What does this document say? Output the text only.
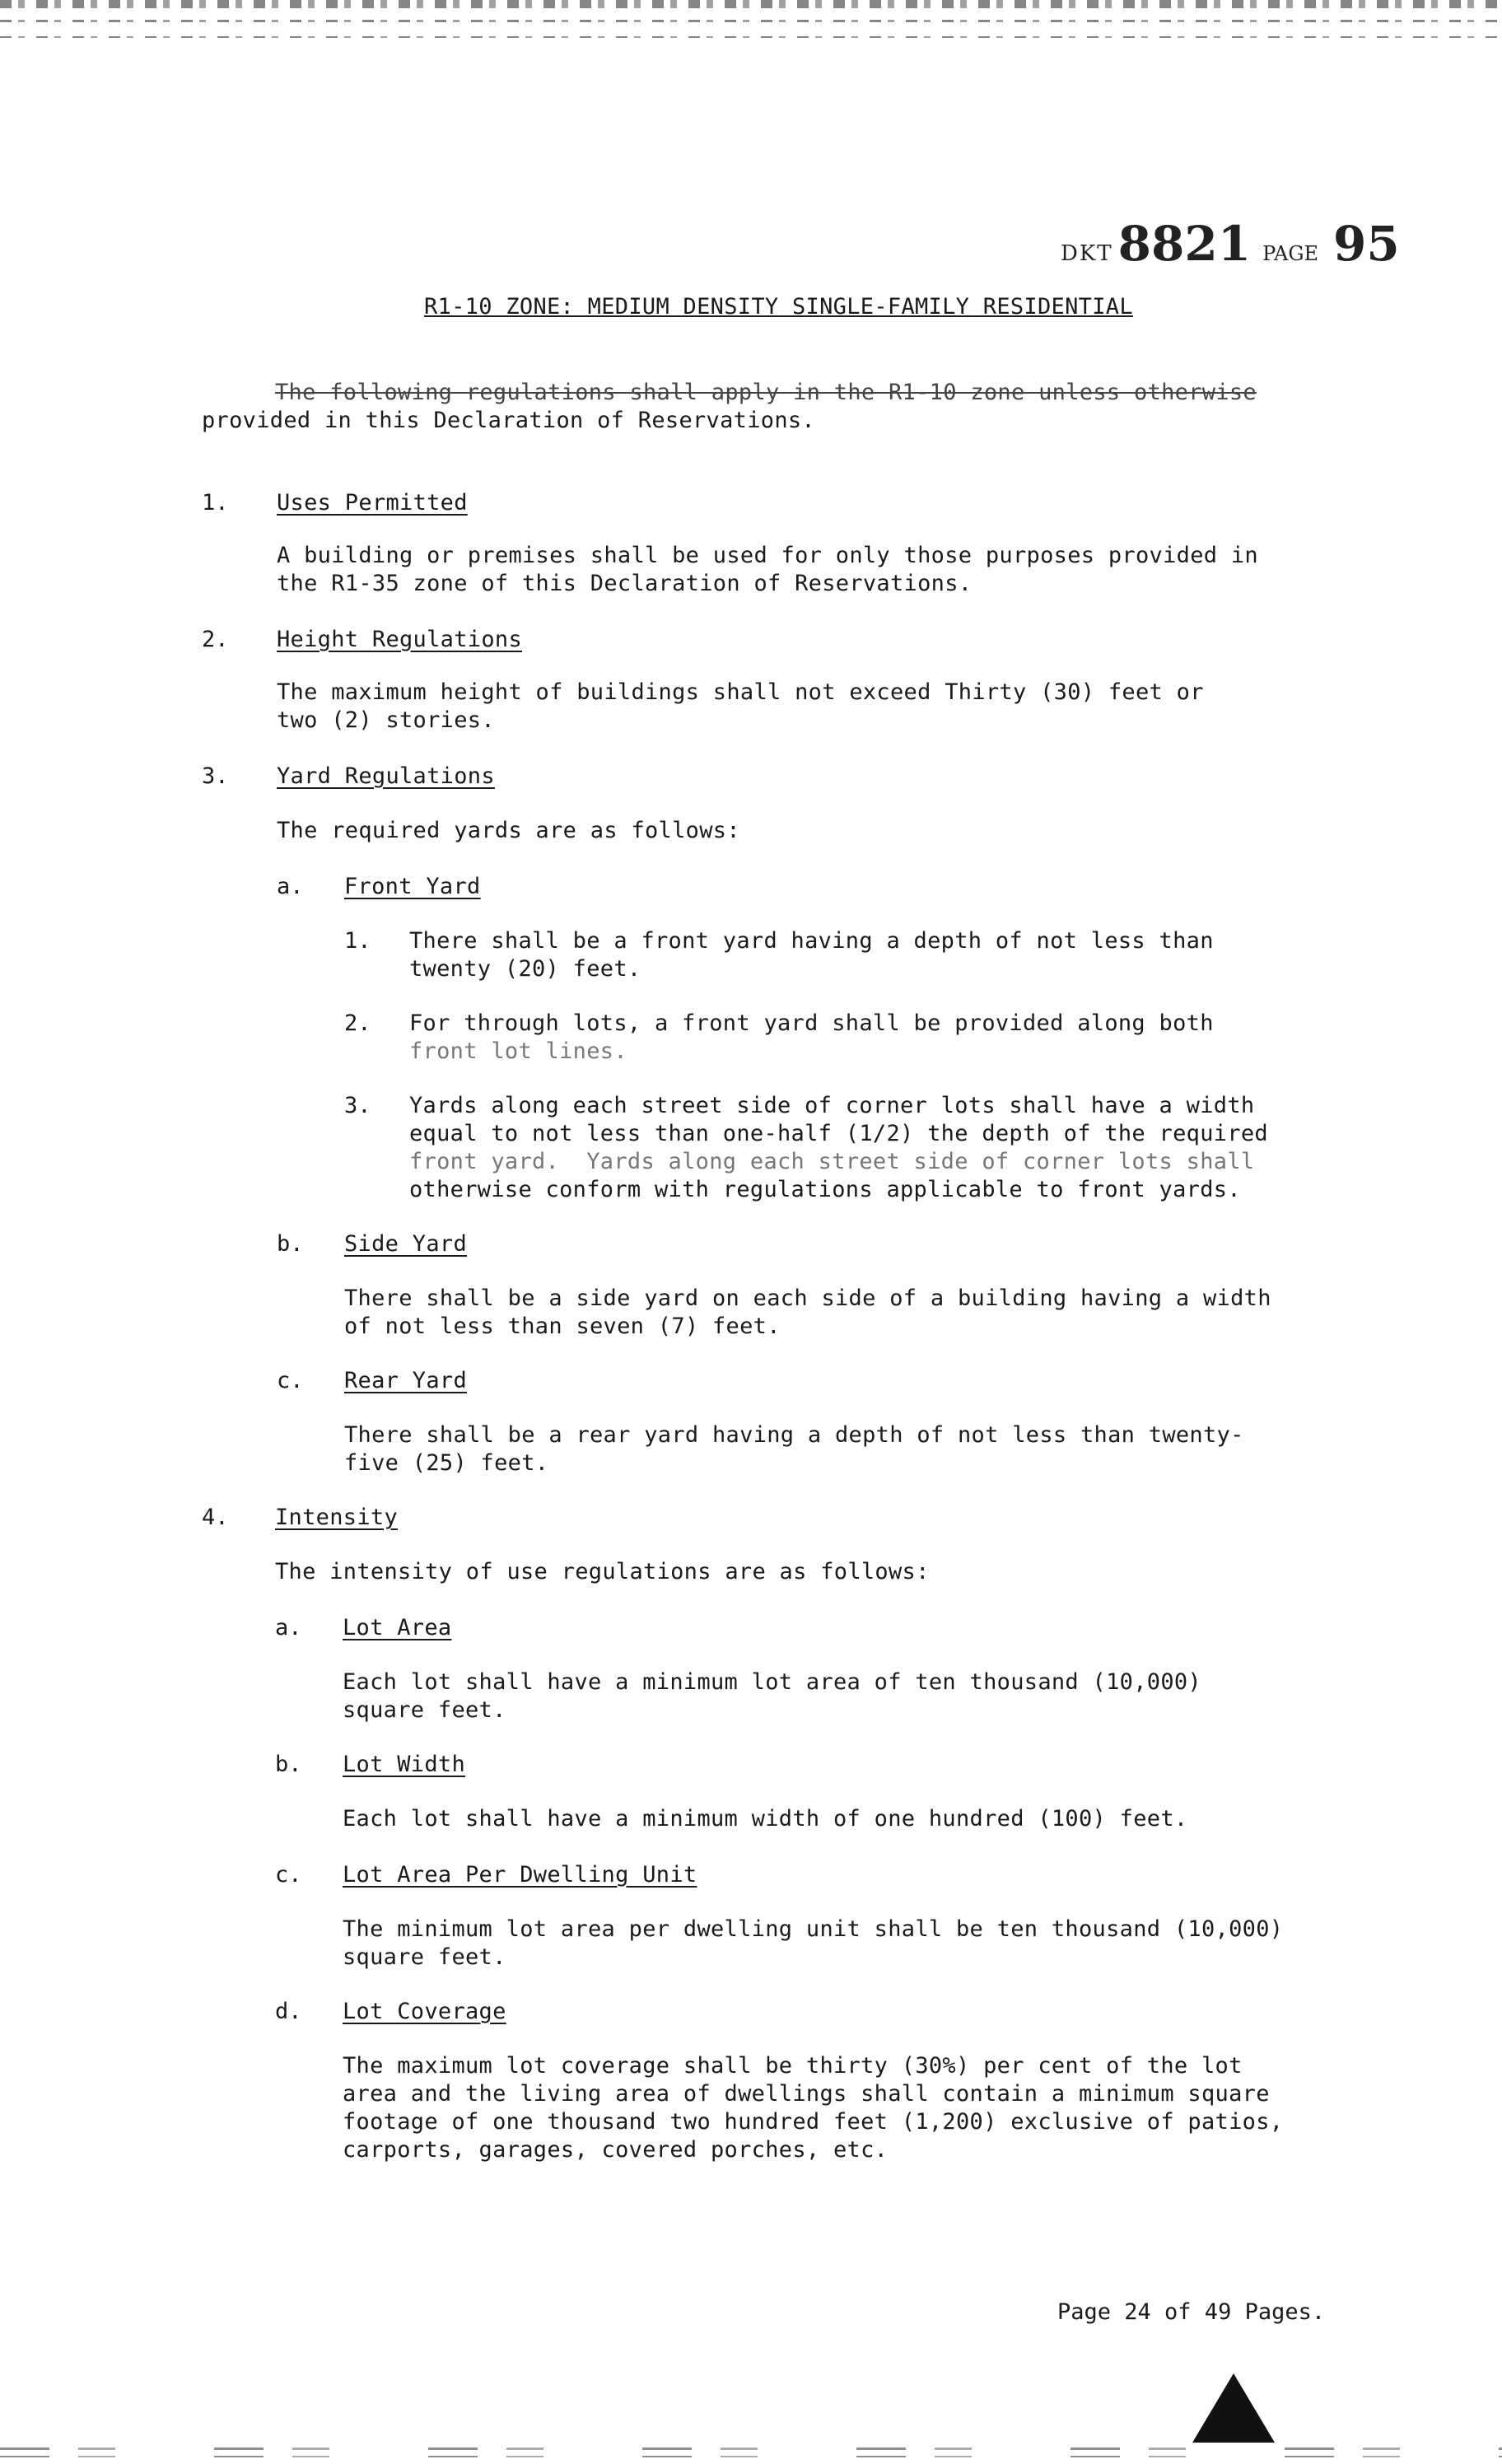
DKT 8821 PAGE 95
R1-10 ZONE: MEDIUM DENSITY SINGLE-FAMILY RESIDENTIAL
The following regulations shall apply in the R1-10 zone unless otherwise
provided in this Declaration of Reservations.
1. Uses Permitted
A building or premises shall be used for only those purposes provided in
the R1-35 zone of this Declaration of Reservations.
2. Height Regulations
The maximum height of buildings shall not exceed Thirty (30) feet or
two (2) stories.
3. Yard Regulations
The required yards are as follows:
a. Front Yard
1. There shall be a front yard having a depth of not less than
twenty (20) feet.
2. For through lots, a front yard shall be provided along both
front lot lines.
3. Yards along each street side of corner lots shall have a width
equal to not less than one-half (1/2) the depth of the required
front yard.  Yards along each street side of corner lots shall
otherwise conform with regulations applicable to front yards.
b. Side Yard
There shall be a side yard on each side of a building having a width
of not less than seven (7) feet.
c. Rear Yard
There shall be a rear yard having a depth of not less than twenty-
five (25) feet.
4. Intensity
The intensity of use regulations are as follows:
a. Lot Area
Each lot shall have a minimum lot area of ten thousand (10,000)
square feet.
b. Lot Width
Each lot shall have a minimum width of one hundred (100) feet.
c. Lot Area Per Dwelling Unit
The minimum lot area per dwelling unit shall be ten thousand (10,000)
square feet.
d. Lot Coverage
The maximum lot coverage shall be thirty (30%) per cent of the lot
area and the living area of dwellings shall contain a minimum square
footage of one thousand two hundred feet (1,200) exclusive of patios,
carports, garages, covered porches, etc.
Page 24 of 49 Pages.
